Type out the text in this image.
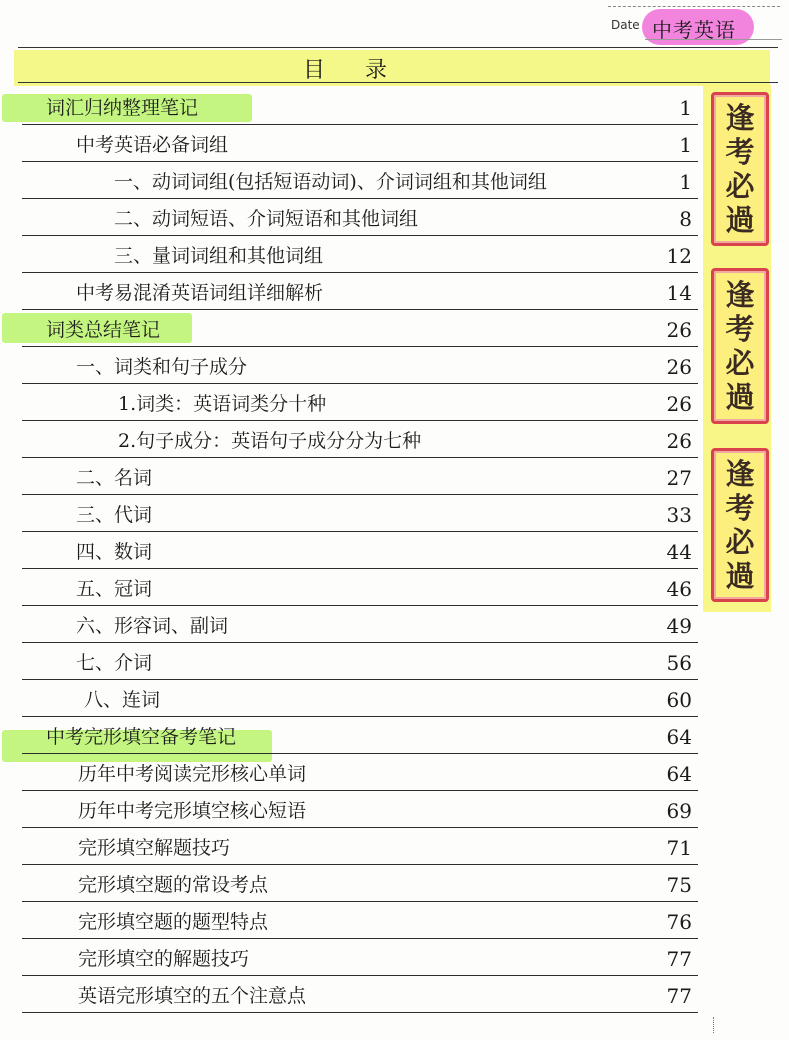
Date 中考英语
目录
逢
考
必
過
逢
考
必
過
逢
考
必
過
词汇归纳整理笔记	1
中考英语必备词组	1
一、动词词组(包括短语动词)、介词词组和其他词组	1
二、动词短语、介词短语和其他词组	8
三、量词词组和其他词组	12
中考易混淆英语词组详细解析	14
词类总结笔记	26
一、词类和句子成分	26
1.词类：英语词类分十种	26
2.句子成分：英语句子成分分为七种	26
二、名词	27
三、代词	33
四、数词	44
五、冠词	46
六、形容词、副词	49
七、介词	56
八、连词	60
中考完形填空备考笔记	64
历年中考阅读完形核心单词	64
历年中考完形填空核心短语	69
完形填空解题技巧	71
完形填空题的常设考点	75
完形填空题的题型特点	76
完形填空的解题技巧	77
英语完形填空的五个注意点	77
